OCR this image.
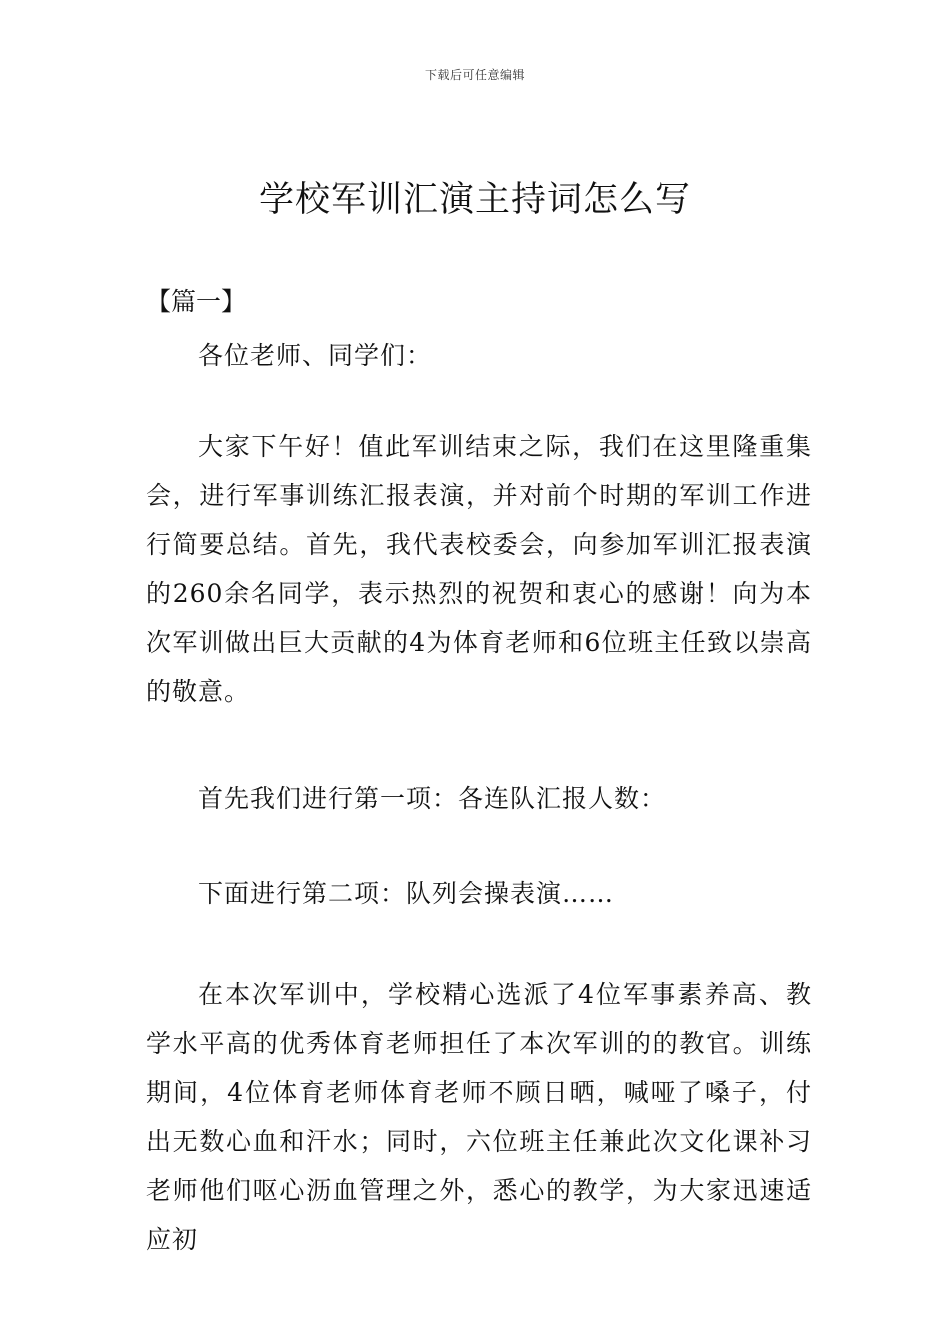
下载后可任意编辑
学校军训汇演主持词怎么写
【篇一】

各位老师、同学们：

大家下午好！值此军训结束之际，我们在这里隆重集会，进行军事训练汇报表演，并对前个时期的军训工作进行简要总结。首先，我代表校委会，向参加军训汇报表演的260余名同学，表示热烈的祝贺和衷心的感谢！向为本次军训做出巨大贡献的4为体育老师和6位班主任致以崇高的敬意。

首先我们进行第一项：各连队汇报人数：

下面进行第二项：队列会操表演……

在本次军训中，学校精心选派了4位军事素养高、教学水平高的优秀体育老师担任了本次军训的的教官。训练期间，4位体育老师体育老师不顾日晒，喊哑了嗓子，付出无数心血和汗水；同时，六位班主任兼此次文化课补习老师他们呕心沥血管理之外，悉心的教学，为大家迅速适应初
